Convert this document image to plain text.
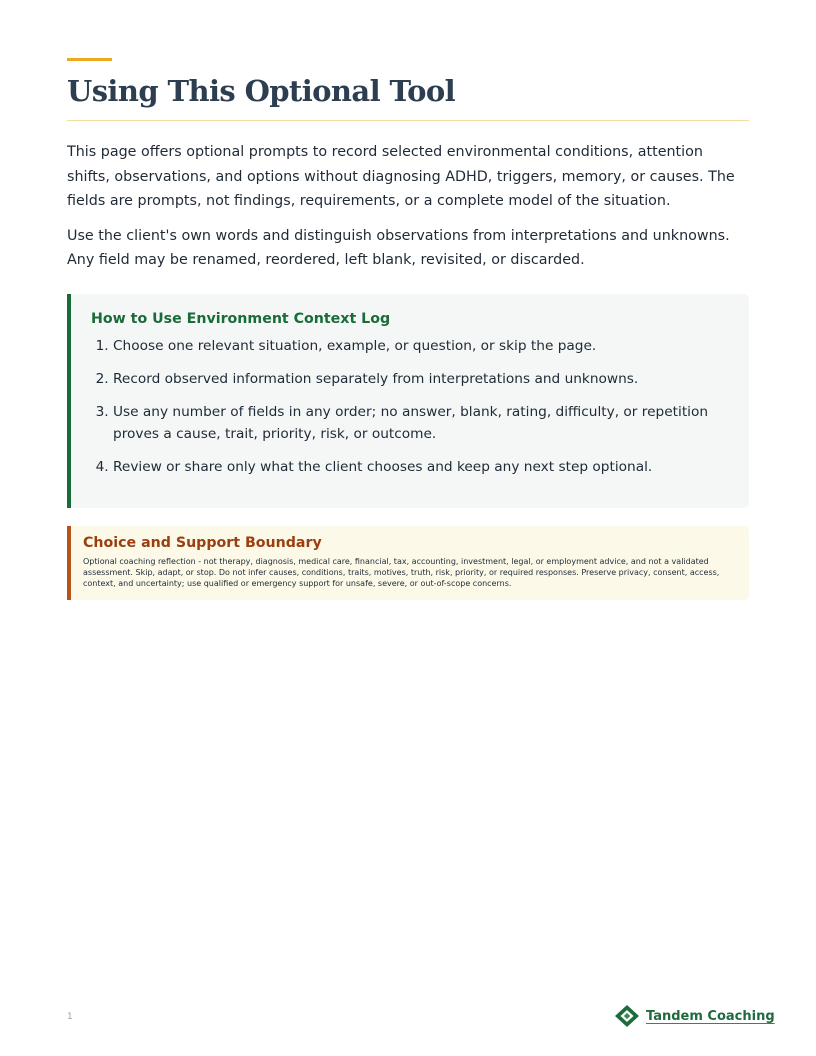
Using This Optional Tool

This page offers optional prompts to record selected environmental conditions, attention shifts, observations, and options without diagnosing ADHD, triggers, memory, or causes. The fields are prompts, not findings, requirements, or a complete model of the situation.

Use the client's own words and distinguish observations from interpretations and unknowns. Any field may be renamed, reordered, left blank, revisited, or discarded.

How to Use Environment Context Log
1. Choose one relevant situation, example, or question, or skip the page.
2. Record observed information separately from interpretations and unknowns.
3. Use any number of fields in any order; no answer, blank, rating, difficulty, or repetition proves a cause, trait, priority, risk, or outcome.
4. Review or share only what the client chooses and keep any next step optional.
Choice and Support Boundary

Optional coaching reflection - not therapy, diagnosis, medical care, financial, tax, accounting, investment, legal, or employment advice, and not a validated assessment. Skip, adapt, or stop. Do not infer causes, conditions, traits, motives, truth, risk, priority, or required responses. Preserve privacy, consent, access, context, and uncertainty; use qualified or emergency support for unsafe, severe, or out-of-scope concerns.

1	Tandem Coaching
